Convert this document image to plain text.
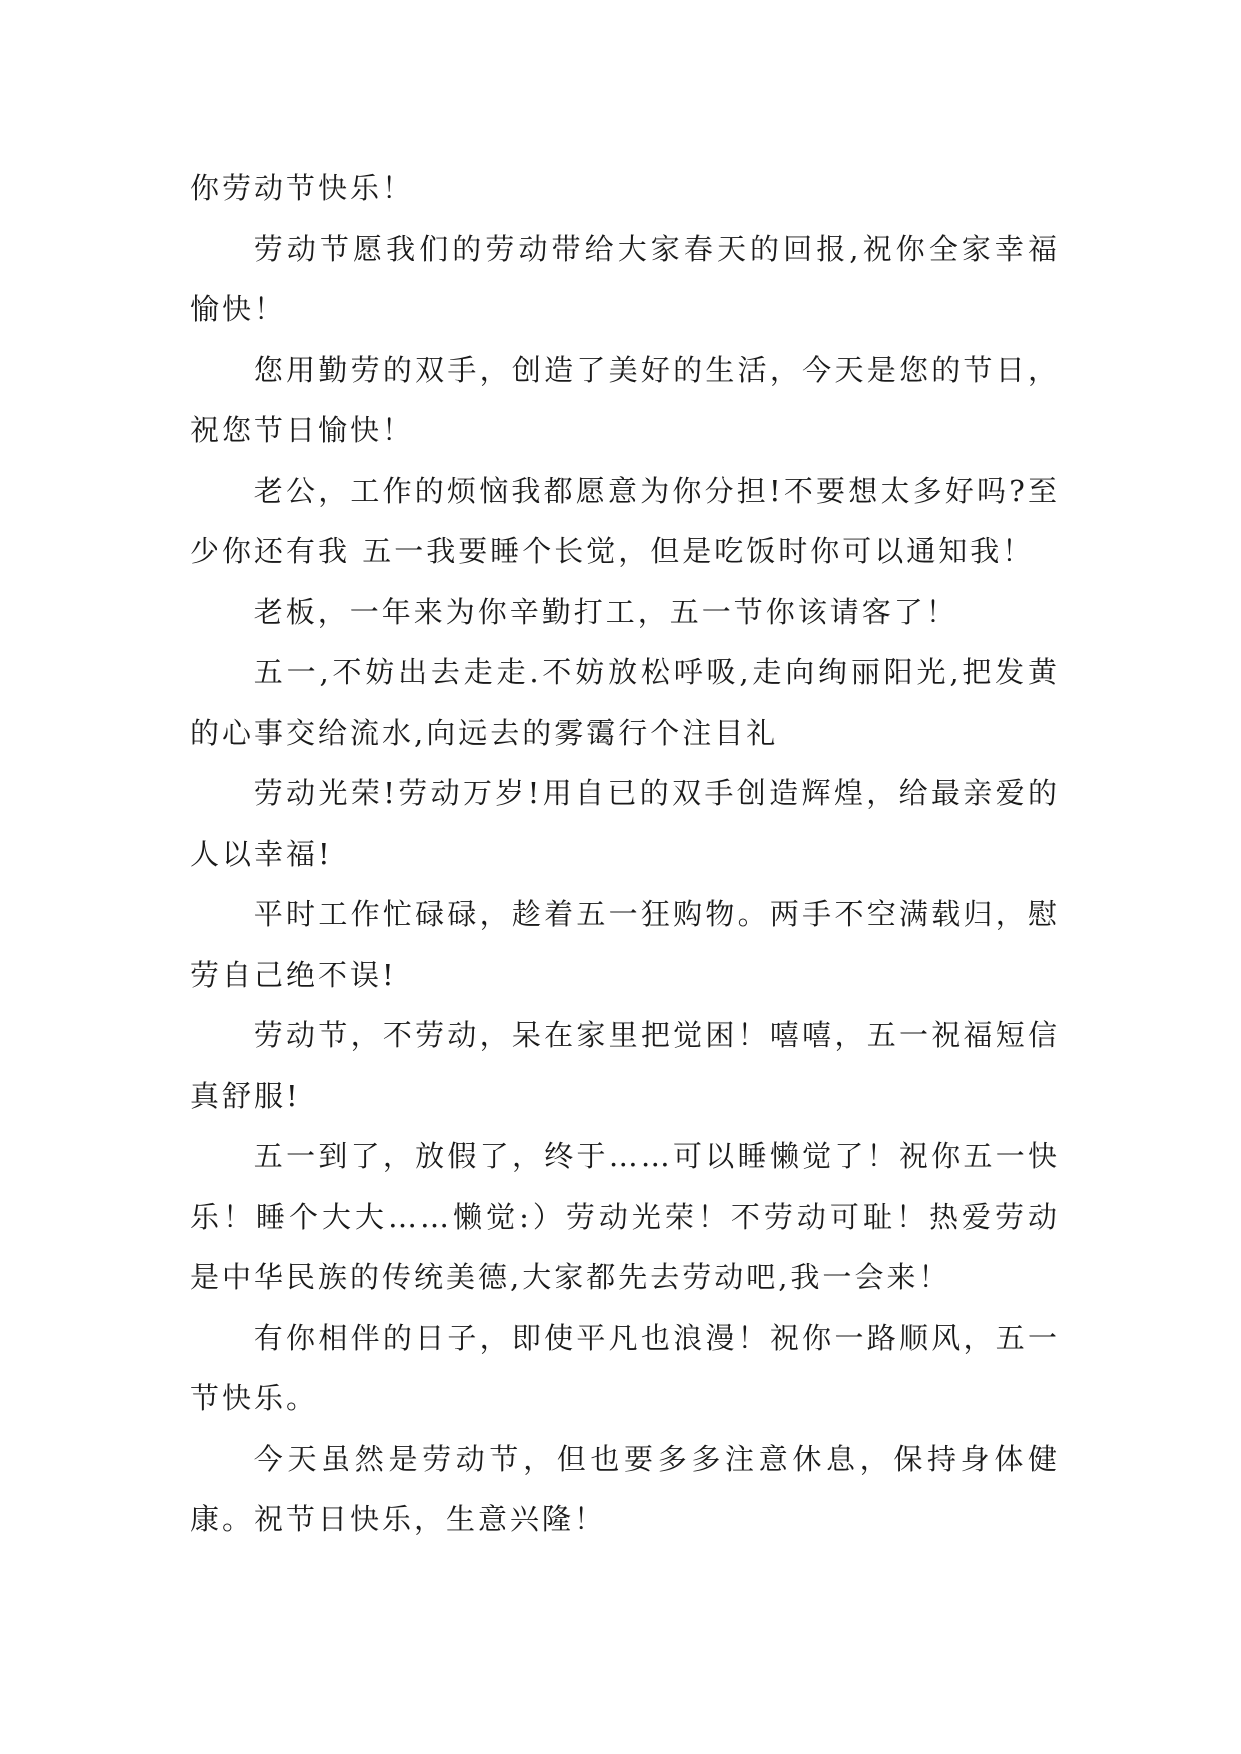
你劳动节快乐！

劳动节愿我们的劳动带给大家春天的回报,祝你全家幸福愉快！

您用勤劳的双手，创造了美好的生活，今天是您的节日，祝您节日愉快！

老公，工作的烦恼我都愿意为你分担!不要想太多好吗?至少你还有我 五一我要睡个长觉，但是吃饭时你可以通知我！

老板，一年来为你辛勤打工，五一节你该请客了！

五一,不妨出去走走.不妨放松呼吸,走向绚丽阳光,把发黄的心事交给流水,向远去的雾霭行个注目礼

劳动光荣!劳动万岁!用自已的双手创造辉煌，给最亲爱的人以幸福!

平时工作忙碌碌，趁着五一狂购物。两手不空满载归，慰劳自己绝不误!

劳动节，不劳动，呆在家里把觉困！嘻嘻，五一祝福短信 真舒服!

五一到了，放假了，终于……可以睡懒觉了！祝你五一快乐！睡个大大……懒觉:）劳动光荣！不劳动可耻！热爱劳动是中华民族的传统美德,大家都先去劳动吧,我一会来！

有你相伴的日子，即使平凡也浪漫！祝你一路顺风，五一节快乐。

今天虽然是劳动节，但也要多多注意休息，保持身体健康。祝节日快乐，生意兴隆！
